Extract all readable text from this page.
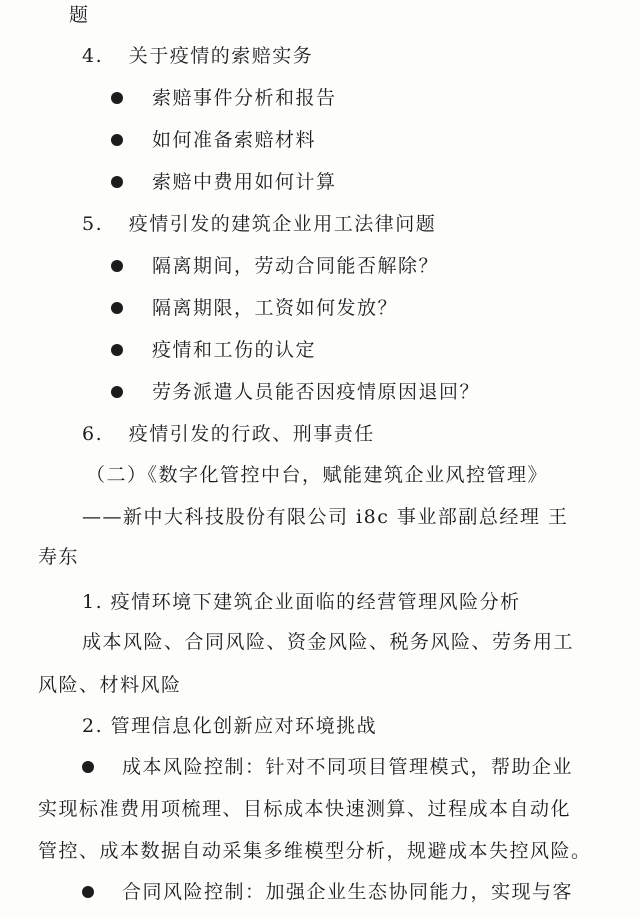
题
4. 关于疫情的索赔实务
索赔事件分析和报告
如何准备索赔材料
索赔中费用如何计算
5. 疫情引发的建筑企业用工法律问题
隔离期间，劳动合同能否解除？
隔离期限，工资如何发放？
疫情和工伤的认定
劳务派遣人员能否因疫情原因退回？
6. 疫情引发的行政、刑事责任
（二）《数字化管控中台，赋能建筑企业风控管理》
——新中大科技股份有限公司 i8c 事业部副总经理 王
寿东
1. 疫情环境下建筑企业面临的经营管理风险分析
成本风险、合同风险、资金风险、税务风险、劳务用工
风险、材料风险
2. 管理信息化创新应对环境挑战
成本风险控制：针对不同项目管理模式，帮助企业
实现标准费用项梳理、目标成本快速测算、过程成本自动化
管控、成本数据自动采集多维模型分析，规避成本失控风险。
合同风险控制：加强企业生态协同能力，实现与客
